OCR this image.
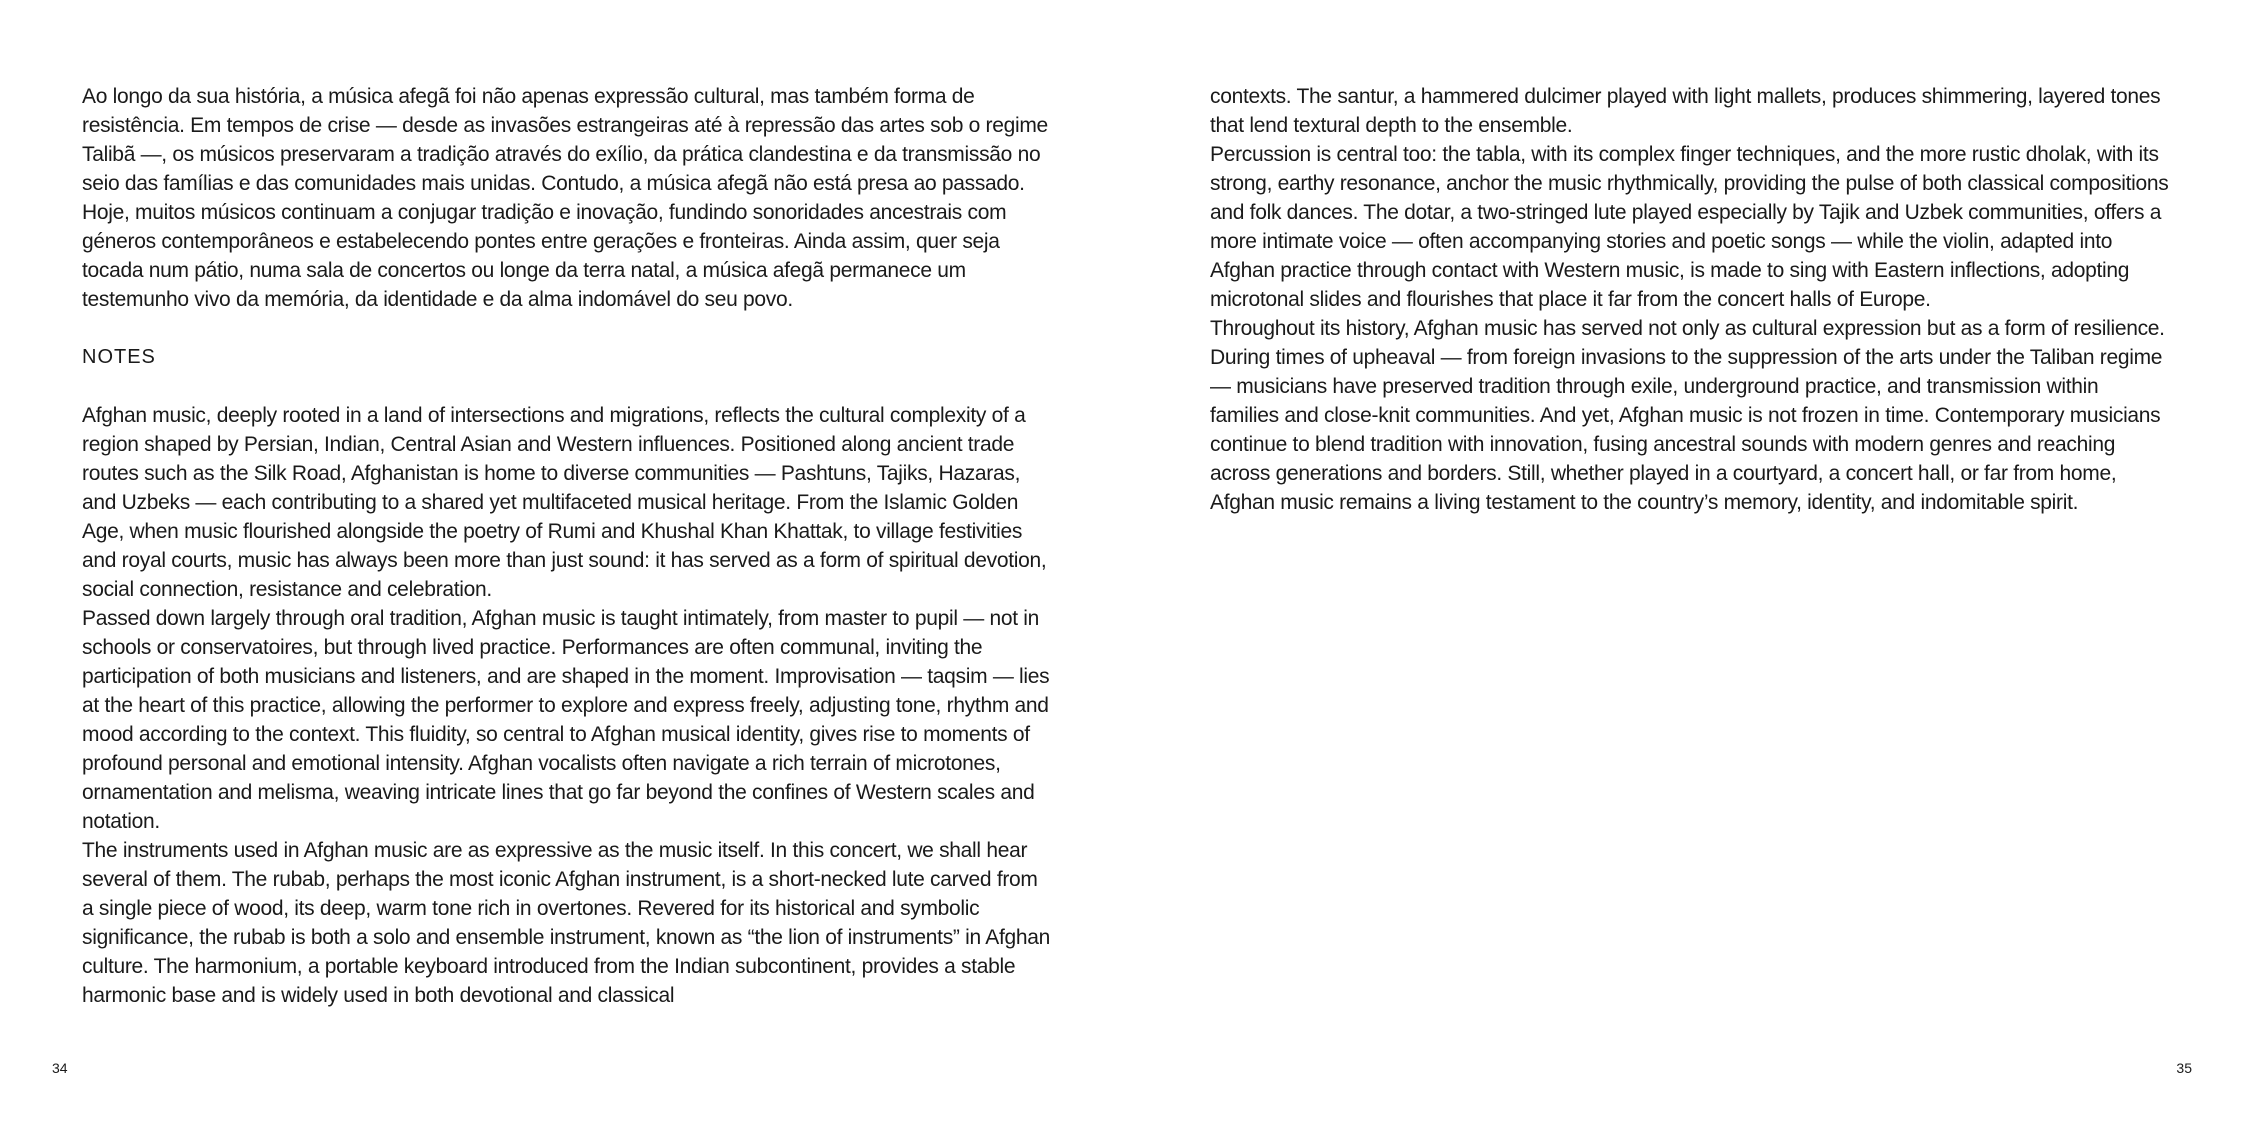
Ao longo da sua história, a música afegã foi não apenas expressão cultural, mas também forma de resistência. Em tempos de crise — desde as invasões estrangeiras até à repressão das artes sob o regime Talibã —, os músicos preservaram a tradição através do exílio, da prática clandestina e da transmissão no seio das famílias e das comunidades mais unidas. Contudo, a música afegã não está presa ao passado. Hoje, muitos músicos continuam a conjugar tradição e inovação, fundindo sonoridades ancestrais com géneros contemporâneos e estabelecendo pontes entre gerações e fronteiras. Ainda assim, quer seja tocada num pátio, numa sala de concertos ou longe da terra natal, a música afegã permanece um testemunho vivo da memória, da identidade e da alma indomável do seu povo.

NOTES

Afghan music, deeply rooted in a land of intersections and migrations, reflects the cultural complexity of a region shaped by Persian, Indian, Central Asian and Western influences. Positioned along ancient trade routes such as the Silk Road, Afghanistan is home to diverse communities — Pashtuns, Tajiks, Hazaras, and Uzbeks — each contributing to a shared yet multifaceted musical heritage. From the Islamic Golden Age, when music flourished alongside the poetry of Rumi and Khushal Khan Khattak, to village festivities and royal courts, music has always been more than just sound: it has served as a form of spiritual devotion, social connection, resistance and celebration.

Passed down largely through oral tradition, Afghan music is taught intimately, from master to pupil — not in schools or conservatoires, but through lived practice. Performances are often communal, inviting the participation of both musicians and listeners, and are shaped in the moment. Improvisation — taqsim — lies at the heart of this practice, allowing the performer to explore and express freely, adjusting tone, rhythm and mood according to the context. This fluidity, so central to Afghan musical identity, gives rise to moments of profound personal and emotional intensity. Afghan vocalists often navigate a rich terrain of microtones, ornamentation and melisma, weaving intricate lines that go far beyond the confines of Western scales and notation.

The instruments used in Afghan music are as expressive as the music itself. In this concert, we shall hear several of them. The rubab, perhaps the most iconic Afghan instrument, is a short-necked lute carved from a single piece of wood, its deep, warm tone rich in overtones. Revered for its historical and symbolic significance, the rubab is both a solo and ensemble instrument, known as “the lion of instruments” in Afghan culture. The harmonium, a portable keyboard introduced from the Indian subcontinent, provides a stable harmonic base and is widely used in both devotional and classical

34

contexts. The santur, a hammered dulcimer played with light mallets, produces shimmering, layered tones that lend textural depth to the ensemble.

Percussion is central too: the tabla, with its complex finger techniques, and the more rustic dholak, with its strong, earthy resonance, anchor the music rhythmically, providing the pulse of both classical compositions and folk dances. The dotar, a two-stringed lute played especially by Tajik and Uzbek communities, offers a more intimate voice — often accompanying stories and poetic songs — while the violin, adapted into Afghan practice through contact with Western music, is made to sing with Eastern inflections, adopting microtonal slides and flourishes that place it far from the concert halls of Europe.

Throughout its history, Afghan music has served not only as cultural expression but as a form of resilience. During times of upheaval — from foreign invasions to the suppression of the arts under the Taliban regime — musicians have preserved tradition through exile, underground practice, and transmission within families and close-knit communities. And yet, Afghan music is not frozen in time. Contemporary musicians continue to blend tradition with innovation, fusing ancestral sounds with modern genres and reaching across generations and borders. Still, whether played in a courtyard, a concert hall, or far from home, Afghan music remains a living testament to the country’s memory, identity, and indomitable spirit.

35
